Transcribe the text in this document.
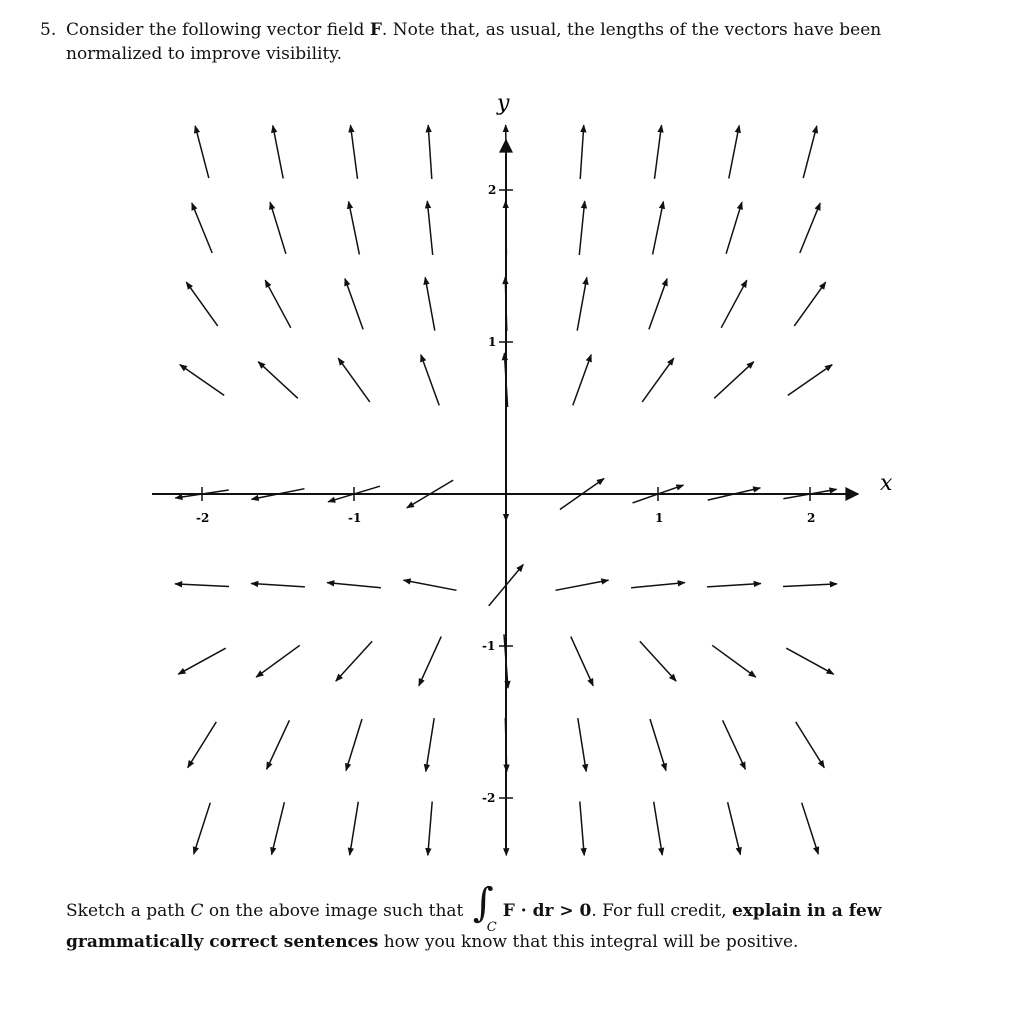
5. Consider the following vector field F. Note that, as usual, the lengths of the vectors have been normalized to improve visibility.
-2	-1	1	2
2
1
-1
-2
x
y
Sketch a path C on the above image such that ∫
C
F · dr > 0. For full credit, explain in a few grammatically correct sentences how you know that this integral will be positive.
